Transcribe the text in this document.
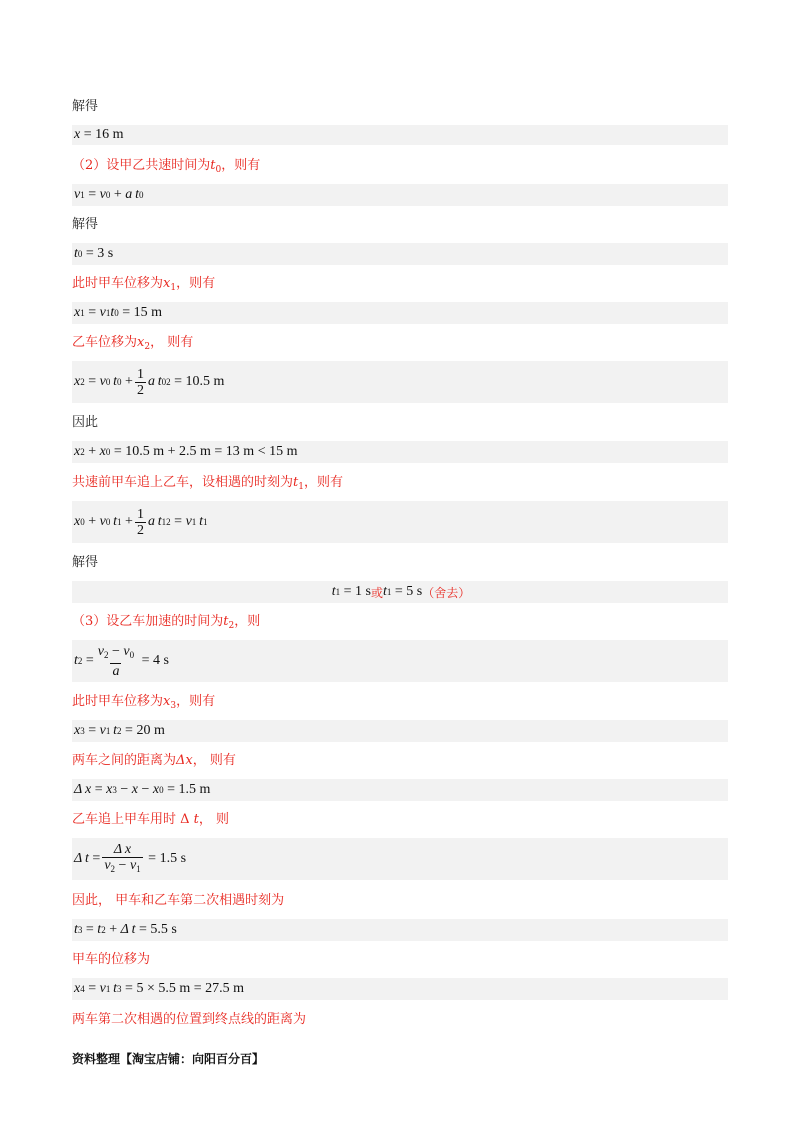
解得
x
= 16 m
（2）设甲乙共速时间为$t_0$，则有
v 1 = v 0 + a
  t 0
解得
t 0
= 3 s
此时甲车位移为$x_1$，则有
x 1 = v 1 t 0
= 15 m
乙车位移为$x_2$， 则有
x 2 = v 0
  t $0 + \frac{1}{2}$ a
  t 0 2
= 10.5 m
因此
x 2 + x 0
= 10.5 m + 2.5 m = 13 m < 15 m
共速前甲车追上乙车，设相遇的时刻为$t_1$，则有
x 0 + v 0
  t $1 + \frac{1}{2}$ a
  t 1 2 = v 1
  t 1
解得
t 1
= 1 s 或 t 1
= 5 s （舍去）
（3）设乙车加速的时间为$t_2$，则
t $2 = \frac{v_2 - v_0}{a}$
= 4 s
此时甲车位移为$x_3$，则有
x 3 = v 1
  t 2
= 20 m
两车之间的距离为Δx， 则有
Δ x = x 3 − x − x 0
= 1.5 m
乙车追上甲车用时 Δ t， 则
Δ $t = \frac{\text{Δ x}}{v_2 - v_1}$
= 1.5 s
因此， 甲车和乙车第二次相遇时刻为
t 3 = t 2 + Δ t
= 5.5 s
甲车的位移为
x 4 = v 1
  t 3
= 5 × 5.5 m = 27.5 m
两车第二次相遇的位置到终点线的距离为
资料整理【淘宝店铺：向阳百分百】
